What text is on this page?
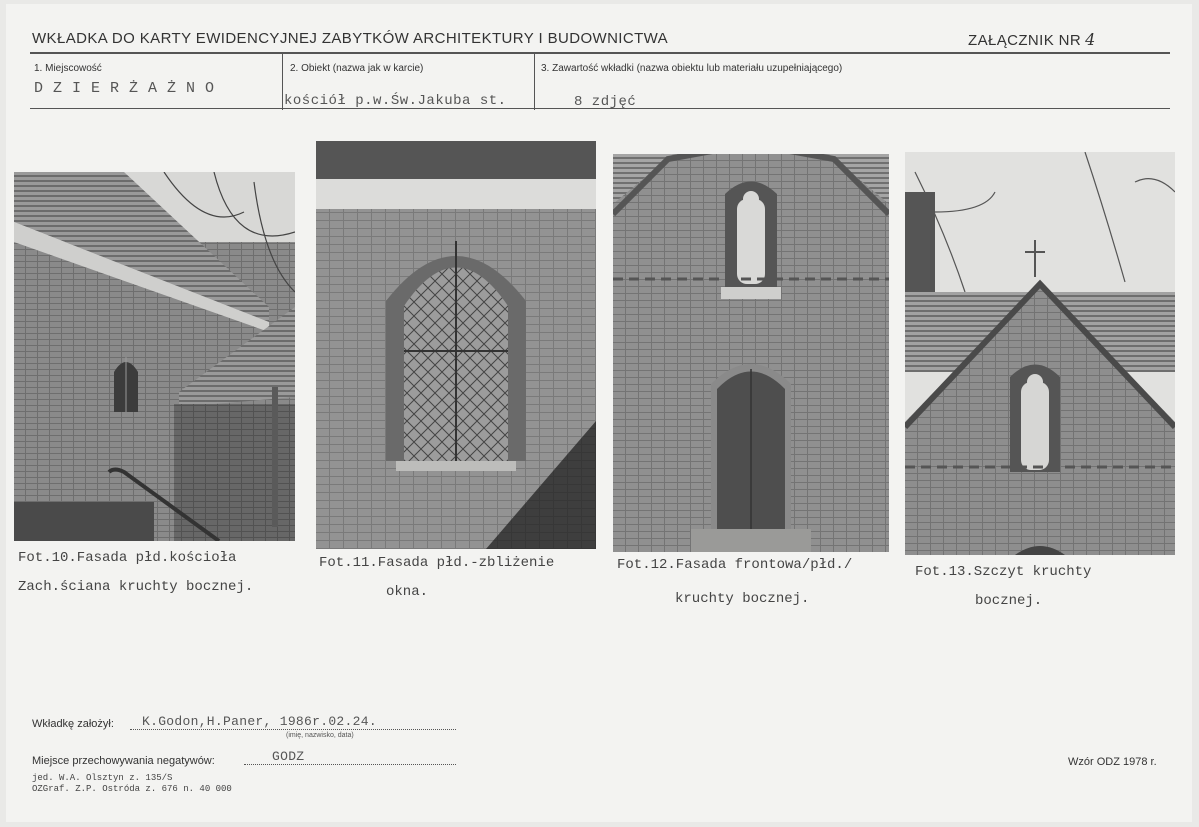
WKŁADKA DO KARTY EWIDENCYJNEJ ZABYTKÓW ARCHITEKTURY I BUDOWNICTWA	ZAŁĄCZNIK NR 4
1. Miejscowość
D Z I E R Ż A Ż N O
2. Obiekt (nazwa jak w karcie)
kościół p.w.Św.Jakuba st.
3. Zawartość wkładki (nazwa obiektu lub materiału uzupełniającego)
8 zdjęć
Fot.10.Fasada płd.kościoła
Zach.ściana kruchty bocznej.
Fot.11.Fasada płd.-zbliżenie
okna.
Fot.12.Fasada frontowa/płd./
kruchty bocznej.
Fot.13.Szczyt kruchty
bocznej.
Wkładkę założył:	K.Godon,H.Paner, 1986r.02.24.
(imię, nazwisko, data)
Miejsce przechowywania negatywów:	GODZ
jed. W.A. Olsztyn z. 135/S
OZGraf. Z.P. Ostróda z. 676 n. 40 000
Wzór ODZ 1978 r.
